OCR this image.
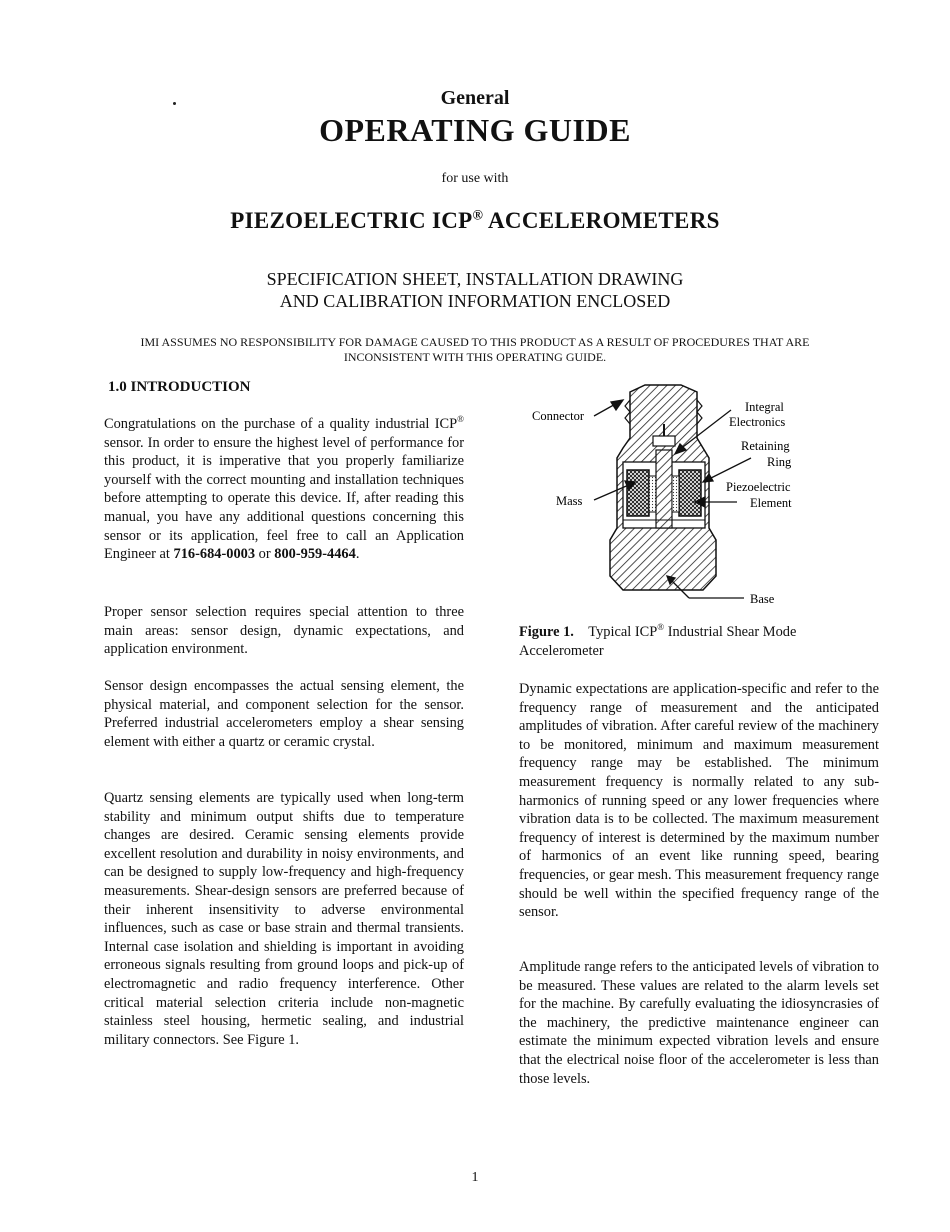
General
OPERATING GUIDE
for use with
PIEZOELECTRIC ICP® ACCELEROMETERS
SPECIFICATION SHEET, INSTALLATION DRAWING
AND CALIBRATION INFORMATION ENCLOSED
IMI ASSUMES NO RESPONSIBILITY FOR DAMAGE CAUSED TO THIS PRODUCT AS A RESULT OF PROCEDURES THAT ARE
INCONSISTENT WITH THIS OPERATING GUIDE.
1.0 INTRODUCTION

Congratulations on the purchase of a quality industrial ICP® sensor. In order to ensure the highest level of performance for this product, it is imperative that you properly familiarize yourself with the correct mounting and installation techniques before attempting to operate this device. If, after reading this manual, you have any additional questions concerning this sensor or its application, feel free to call an Application Engineer at 716-684-0003 or 800-959-4464.

Proper sensor selection requires special attention to three main areas: sensor design, dynamic expectations, and application environment.

Sensor design encompasses the actual sensing element, the physical material, and component selection for the sensor. Preferred industrial accelerometers employ a shear sensing element with either a quartz or ceramic crystal.

Quartz sensing elements are typically used when long-term stability and minimum output shifts due to temperature changes are desired. Ceramic sensing elements provide excellent resolution and durability in noisy environments, and can be designed to supply low-frequency and high-frequency measurements. Shear-design sensors are preferred because of their inherent insensitivity to adverse environmental influences, such as case or base strain and thermal transients. Internal case isolation and shielding is important in avoiding erroneous signals resulting from ground loops and pick-up of electromagnetic and radio frequency interference. Other critical material selection criteria include non-magnetic stainless steel housing, hermetic sealing, and industrial military connectors. See Figure 1.

Connector
Integral
Electronics
Retaining
Ring
Piezoelectric
Element
Mass
Base
Figure 1. Typical ICP® Industrial Shear Mode Accelerometer

Dynamic expectations are application-specific and refer to the frequency range of measurement and the anticipated amplitudes of vibration. After careful review of the machinery to be monitored, minimum and maximum measurement frequency range may be established. The minimum measurement frequency is normally related to any sub-harmonics of running speed or any lower frequencies where vibration data is to be collected. The maximum measurement frequency of interest is determined by the maximum number of harmonics of an event like running speed, bearing frequencies, or gear mesh. This measurement frequency range should be well within the specified frequency range of the sensor.

Amplitude range refers to the anticipated levels of vibration to be measured. These values are related to the alarm levels set for the machine. By carefully evaluating the idiosyncrasies of the machinery, the predictive maintenance engineer can estimate the minimum expected vibration levels and ensure that the electrical noise floor of the accelerometer is less than those levels.

1
